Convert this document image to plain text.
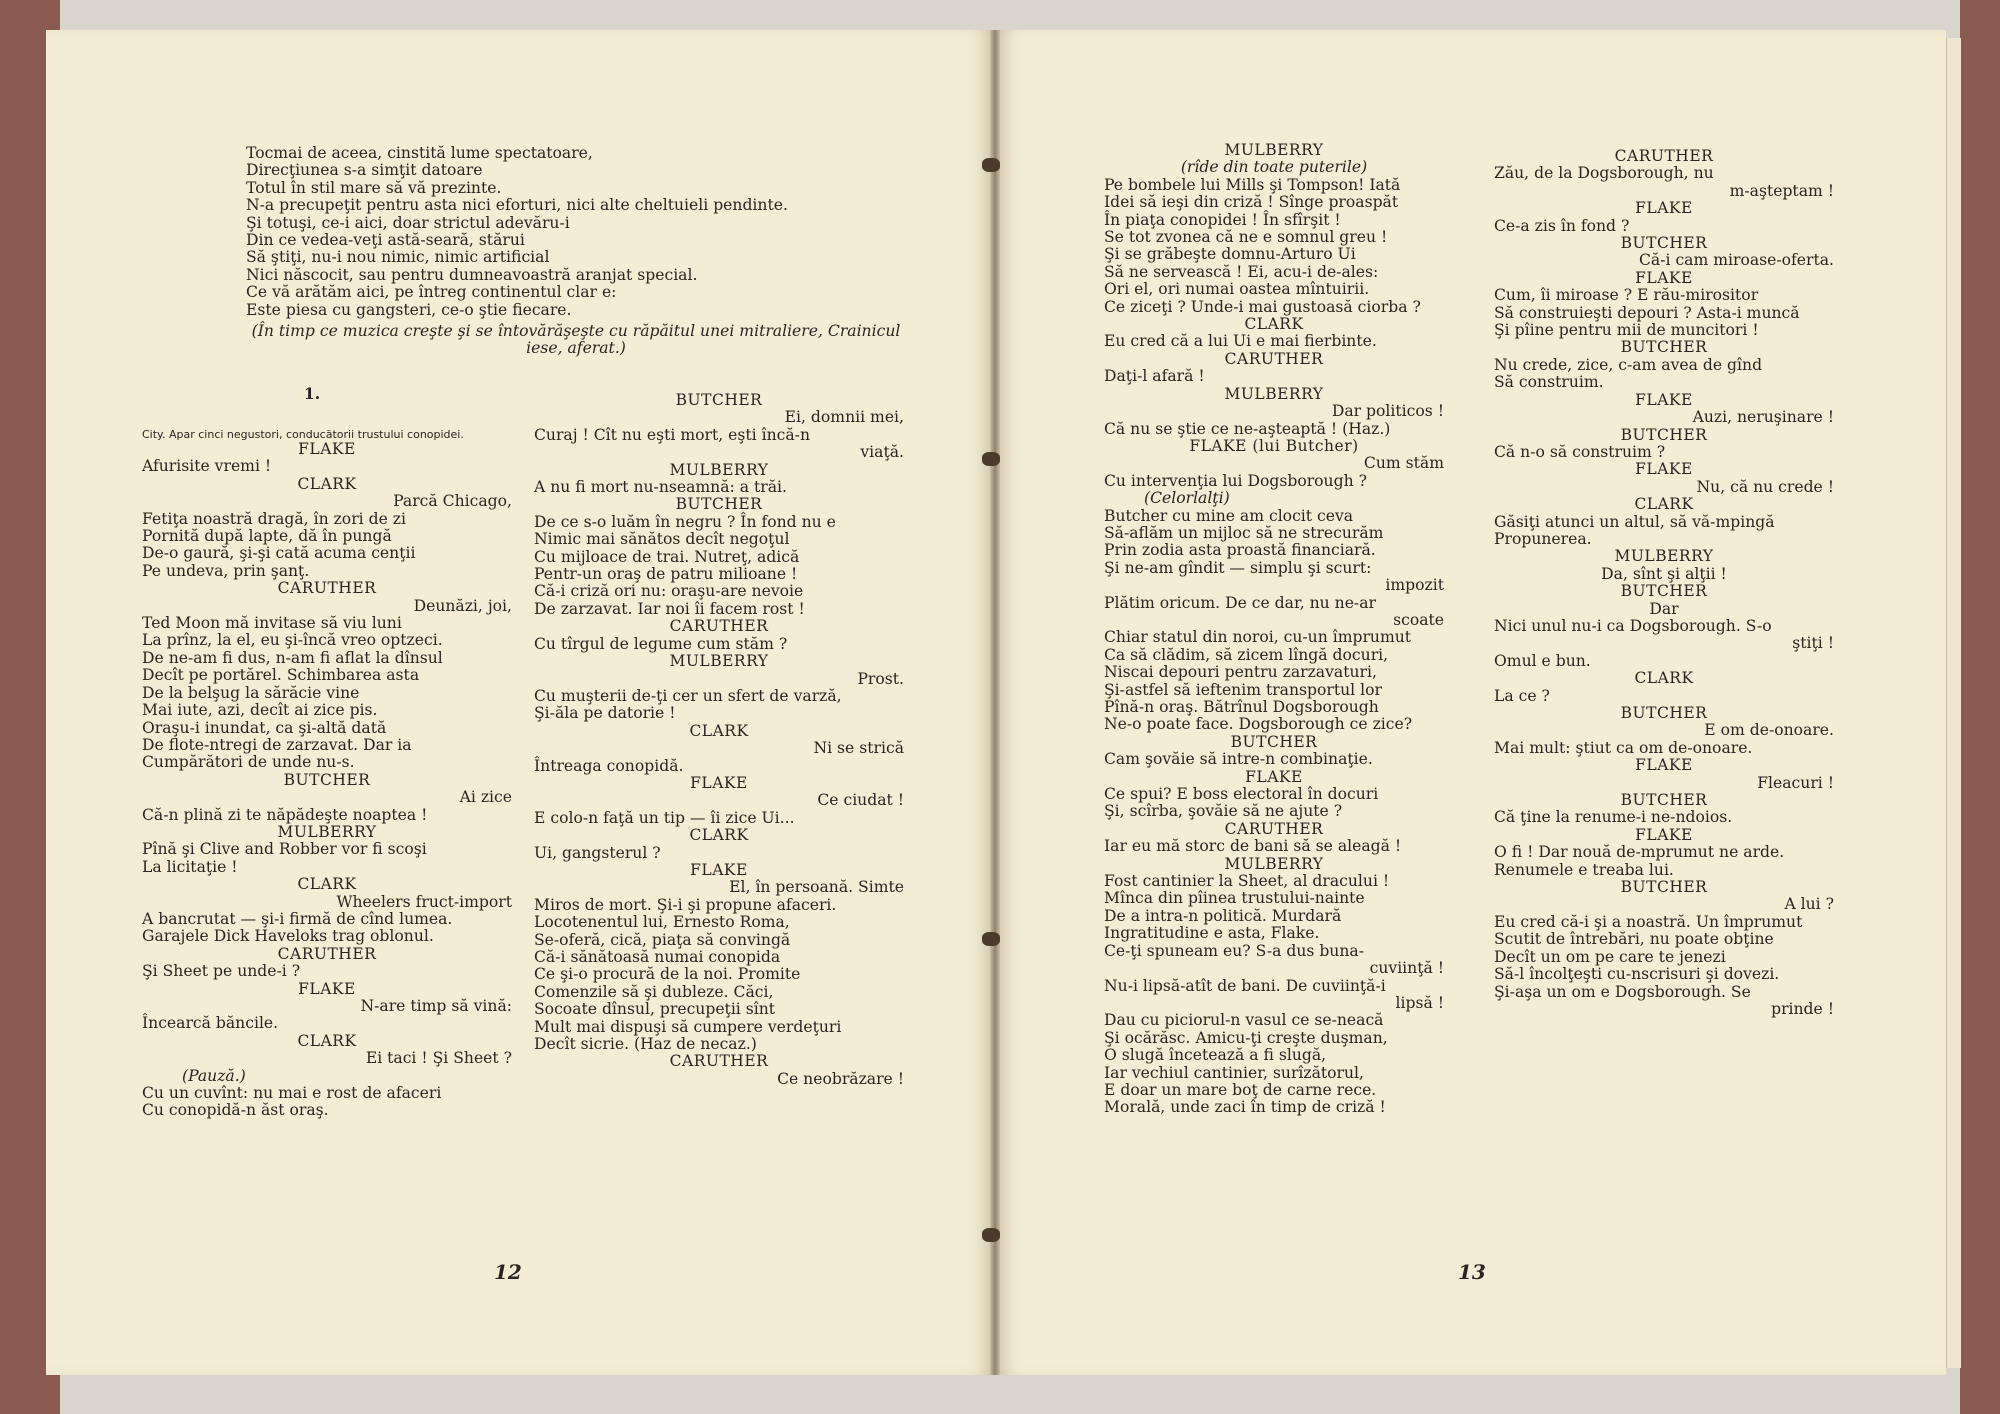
Tocmai de aceea, cinstită lume spectatoare,

Direcţiunea s-a simţit datoare

Totul în stil mare să vă prezinte.

N-a precupeţit pentru asta nici eforturi, nici alte cheltuieli pendinte.

Şi totuşi, ce-i aici, doar strictul adevăru-i

Din ce vedea-veţi astă-seară, stărui

Să ştiţi, nu-i nou nimic, nimic artificial

Nici născocit, sau pentru dumneavoastră aranjat special.

Ce vă arătăm aici, pe întreg continentul clar e:

Este piesa cu gangsteri, ce-o ştie fiecare.

(În timp ce muzica creşte şi se întovărăşeşte cu răpăitul unei mitraliere, Crainicul iese, aferat.)

1.

City. Apar cinci negustori, conducătorii trustului conopidei.

FLAKE

Afurisite vremi !

CLARK

Parcă Chicago,

Fetiţa noastră dragă, în zori de zi
Pornită după lapte, dă în pungă
De-o gaură, şi-şi cată acuma cenţii
Pe undeva, prin şanţ.

CARUTHER

Deunăzi, joi,

Ted Moon mă invitase să viu luni
La prînz, la el, eu şi-încă vreo optzeci.
De ne-am fi dus, n-am fi aflat la dînsul
Decît pe portărel. Schimbarea asta
De la belşug la sărăcie vine
Mai iute, azi, decît ai zice pis.
Oraşu-i inundat, ca şi-altă dată
De flote-ntregi de zarzavat. Dar ia
Cumpărători de unde nu-s.

BUTCHER

Ai zice

Că-n plină zi te năpădeşte noaptea !

MULBERRY

Pînă şi Clive and Robber vor fi scoşi
La licitaţie !

CLARK

Wheelers fruct-import

A bancrutat — şi-i firmă de cînd lumea.
Garajele Dick Haveloks trag oblonul.

CARUTHER

Şi Sheet pe unde-i ?

FLAKE

N-are timp să vină:

Încearcă băncile.

CLARK

Ei taci ! Şi Sheet ?

(Pauză.)

Cu un cuvînt: nu mai e rost de afaceri
Cu conopidă-n ăst oraş.

BUTCHER

Ei, domnii mei,

Curaj ! Cît nu eşti mort, eşti încă-n

viaţă.

MULBERRY

A nu fi mort nu-nseamnă: a trăi.

BUTCHER

De ce s-o luăm în negru ? În fond nu e
Nimic mai sănătos decît negoţul
Cu mijloace de trai. Nutreţ, adică
Pentr-un oraş de patru milioane !
Că-i criză ori nu: oraşu-are nevoie
De zarzavat. Iar noi îi facem rost !

CARUTHER

Cu tîrgul de legume cum stăm ?

MULBERRY

Prost.

Cu muşterii de-ţi cer un sfert de varză,
Şi-ăla pe datorie !

CLARK

Ni se strică

Întreaga conopidă.

FLAKE

Ce ciudat !

E colo-n faţă un tip — îi zice Ui...

CLARK

Ui, gangsterul ?

FLAKE

El, în persoană. Simte

Miros de mort. Şi-i şi propune afaceri.
Locotenentul lui, Ernesto Roma,
Se-oferă, cică, piaţa să convingă
Că-i sănătoasă numai conopida
Ce şi-o procură de la noi. Promite
Comenzile să şi dubleze. Căci,
Socoate dînsul, precupeţii sînt
Mult mai dispuşi să cumpere verdeţuri
Decît sicrie. (Haz de necaz.)

CARUTHER

Ce neobrăzare !

12

MULBERRY

(rîde din toate puterile)

Pe bombele lui Mills şi Tompson! Iată
Idei să ieşi din criză ! Sînge proaspăt
În piaţa conopidei ! În sfîrşit !
Se tot zvonea că ne e somnul greu !
Şi se grăbeşte domnu-Arturo Ui
Să ne servească ! Ei, acu-i de-ales:
Ori el, ori numai oastea mîntuirii.
Ce ziceţi ? Unde-i mai gustoasă ciorba ?

CLARK

Eu cred că a lui Ui e mai fierbinte.

CARUTHER

Daţi-l afară !

MULBERRY

Dar politicos !

Că nu se ştie ce ne-aşteaptă ! (Haz.)

FLAKE (lui Butcher)

Cum stăm

Cu intervenţia lui Dogsborough ?

(Celorlalţi)

Butcher cu mine am clocit ceva
Să-aflăm un mijloc să ne strecurăm
Prin zodia asta proastă financiară.
Şi ne-am gîndit — simplu şi scurt:

impozit

Plătim oricum. De ce dar, nu ne-ar

scoate

Chiar statul din noroi, cu-un împrumut
Ca să clădim, să zicem lîngă docuri,
Niscai depouri pentru zarzavaturi,
Şi-astfel să ieftenim transportul lor
Pînă-n oraş. Bătrînul Dogsborough
Ne-o poate face. Dogsborough ce zice?

BUTCHER

Cam şovăie să intre-n combinaţie.

FLAKE

Ce spui? E boss electoral în docuri
Şi, scîrba, şovăie să ne ajute ?

CARUTHER

Iar eu mă storc de bani să se aleagă !

MULBERRY

Fost cantinier la Sheet, al dracului !
Mînca din pîinea trustului-nainte
De a intra-n politică. Murdară
Ingratitudine e asta, Flake.
Ce-ţi spuneam eu? S-a dus buna-

cuviinţă !

Nu-i lipsă-atît de bani. De cuviinţă-i

lipsă !

Dau cu piciorul-n vasul ce se-neacă
Şi ocărăsc. Amicu-ţi creşte duşman,
O slugă încetează a fi slugă,
Iar vechiul cantinier, surîzătorul,
E doar un mare boţ de carne rece.
Morală, unde zaci în timp de criză !

CARUTHER

Zău, de la Dogsborough, nu

m-aşteptam !

FLAKE

Ce-a zis în fond ?

BUTCHER

Că-i cam miroase-oferta.

FLAKE

Cum, îi miroase ? E rău-mirositor
Să construieşti depouri ? Asta-i muncă
Şi pîine pentru mii de muncitori !

BUTCHER

Nu crede, zice, c-am avea de gînd
Să construim.

FLAKE

Auzi, neruşinare !

BUTCHER

Că n-o să construim ?

FLAKE

Nu, că nu crede !

CLARK

Găsiţi atunci un altul, să vă-mpingă
Propunerea.

MULBERRY

Da, sînt şi alţii !

BUTCHER

Dar

Nici unul nu-i ca Dogsborough. S-o

ştiţi !

Omul e bun.

CLARK

La ce ?

BUTCHER

E om de-onoare.

Mai mult: ştiut ca om de-onoare.

FLAKE

Fleacuri !

BUTCHER

Că ţine la renume-i ne-ndoios.

FLAKE

O fi ! Dar nouă de-mprumut ne arde.
Renumele e treaba lui.

BUTCHER

A lui ?

Eu cred că-i şi a noastră. Un împrumut
Scutit de întrebări, nu poate obţine
Decît un om pe care te jenezi
Să-l încolţeşti cu-nscrisuri şi dovezi.
Şi-aşa un om e Dogsborough. Se

prinde !

13
